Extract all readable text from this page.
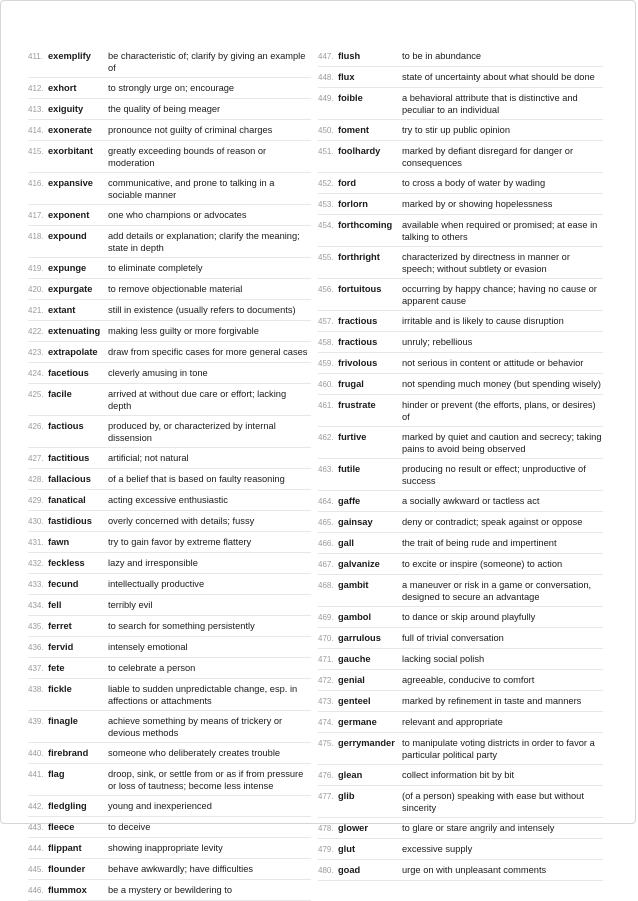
411 . exemplify	be characteristic of; clarify by giving an example of
412 . exhort	to strongly urge on; encourage
413 . exiguity	the quality of being meager
414 . exonerate	pronounce not guilty of criminal charges
415 . exorbitant	greatly exceeding bounds of reason or moderation
416 . expansive	communicative, and prone to talking in a sociable manner
417 . exponent	one who champions or advocates
418 . expound	add details or explanation; clarify the meaning; state in depth
419 . expunge	to eliminate completely
420 . expurgate	to remove objectionable material
421 . extant	still in existence (usually refers to documents)
422 . extenuating making less guilty or more forgivable
423 . extrapolate	draw from specific cases for more general cases
424 . facetious	cleverly amusing in tone
425 . facile	arrived at without due care or effort; lacking depth
426 . factious	produced by, or characterized by internal dissension
427 . factitious	artificial; not natural
428 . fallacious	of a belief that is based on faulty reasoning
429 . fanatical	acting excessive enthusiastic
430 . fastidious	overly concerned with details; fussy
431 . fawn	try to gain favor by extreme flattery
432 . feckless	lazy and irresponsible
433 . fecund	intellectually productive
434 . fell	terribly evil
435 . ferret	to search for something persistently
436 . fervid	intensely emotional
437 . fete	to celebrate a person
438 . fickle	liable to sudden unpredictable change, esp. in affections or attachments
439 . finagle	achieve something by means of trickery or devious methods
440 . firebrand	someone who deliberately creates trouble
441 . flag	droop, sink, or settle from or as if from pressure or loss of tautness; become less intense
442 . fledgling	young and inexperienced
443 . fleece	to deceive
444 . flippant	showing inappropriate levity
445 . flounder	behave awkwardly; have difficulties
446 . flummox	be a mystery or bewildering to
447 . flush	to be in abundance
448 . flux	state of uncertainty about what should be done
449 . foible	a behavioral attribute that is distinctive and peculiar to an individual
450 . foment	try to stir up public opinion
451 . foolhardy	marked by defiant disregard for danger or consequences
452 . ford	to cross a body of water by wading
453 . forlorn	marked by or showing hopelessness
454 . forthcoming	available when required or promised; at ease in talking to others
455 . forthright	characterized by directness in manner or speech; without subtlety or evasion
456 . fortuitous	occurring by happy chance; having no cause or apparent cause
457 . fractious	irritable and is likely to cause disruption
458 . fractious	unruly; rebellious
459 . frivolous	not serious in content or attitude or behavior
460 . frugal	not spending much money (but spending wisely)
461 . frustrate	hinder or prevent (the efforts, plans, or desires) of
462 . furtive	marked by quiet and caution and secrecy; taking pains to avoid being observed
463 . futile	producing no result or effect; unproductive of success
464 . gaffe	a socially awkward or tactless act
465 . gainsay	deny or contradict; speak against or oppose
466 . gall	the trait of being rude and impertinent
467 . galvanize	to excite or inspire (someone) to action
468 . gambit	a maneuver or risk in a game or conversation, designed to secure an advantage
469 . gambol	to dance or skip around playfully
470 . garrulous	full of trivial conversation
471 . gauche	lacking social polish
472 . genial	agreeable, conducive to comfort
473 . genteel	marked by refinement in taste and manners
474 . germane	relevant and appropriate
475 . gerrymander to manipulate voting districts in order to favor a particular political party
476 . glean	collect information bit by bit
477 . glib	(of a person) speaking with ease but without sincerity
478 . glower	to glare or stare angrily and intensely
479 . glut	excessive supply
480 . goad	urge on with unpleasant comments
